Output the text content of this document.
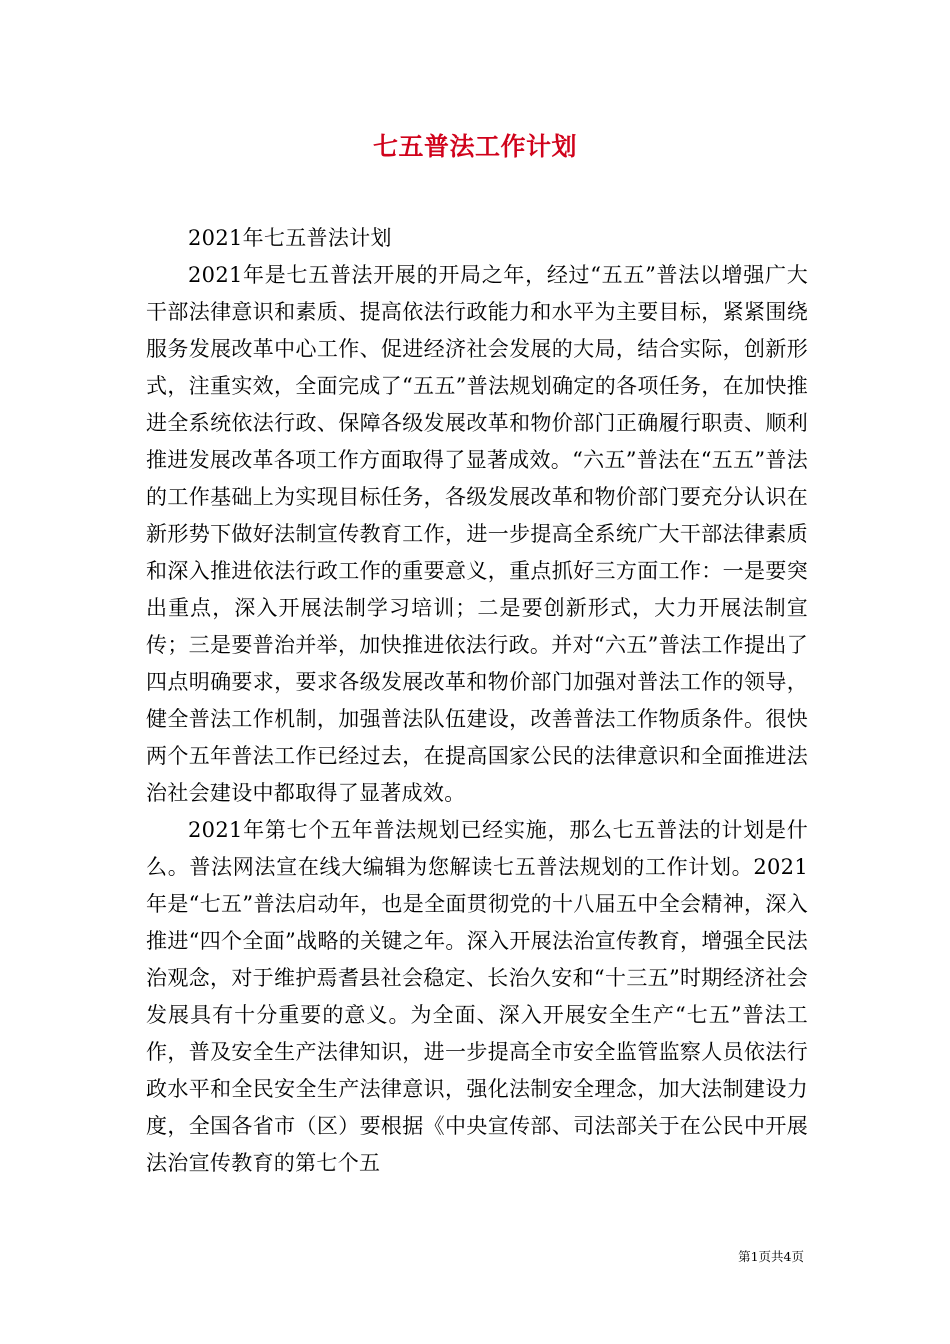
七五普法工作计划

2021年七五普法计划

2021年是七五普法开展的开局之年，经过“五五”普法以增强广大干部法律意识和素质、提高依法行政能力和水平为主要目标，紧紧围绕服务发展改革中心工作、促进经济社会发展的大局，结合实际，创新形式，注重实效，全面完成了“五五”普法规划确定的各项任务，在加快推进全系统依法行政、保障各级发展改革和物价部门正确履行职责、顺利推进发展改革各项工作方面取得了显著成效。“六五”普法在“五五”普法的工作基础上为实现目标任务，各级发展改革和物价部门要充分认识在新形势下做好法制宣传教育工作，进一步提高全系统广大干部法律素质和深入推进依法行政工作的重要意义，重点抓好三方面工作：一是要突出重点，深入开展法制学习培训；二是要创新形式，大力开展法制宣传；三是要普治并举，加快推进依法行政。并对“六五”普法工作提出了四点明确要求，要求各级发展改革和物价部门加强对普法工作的领导，健全普法工作机制，加强普法队伍建设，改善普法工作物质条件。很快两个五年普法工作已经过去，在提高国家公民的法律意识和全面推进法治社会建设中都取得了显著成效。

2021年第七个五年普法规划已经实施，那么七五普法的计划是什么。普法网法宣在线大编辑为您解读七五普法规划的工作计划。2021年是“七五”普法启动年，也是全面贯彻党的十八届五中全会精神，深入推进“四个全面”战略的关键之年。深入开展法治宣传教育，增强全民法治观念，对于维护焉耆县社会稳定、长治久安和“十三五”时期经济社会发展具有十分重要的意义。为全面、深入开展安全生产“七五”普法工作，普及安全生产法律知识，进一步提高全市安全监管监察人员依法行政水平和全民安全生产法律意识，强化法制安全理念，加大法制建设力度，全国各省市（区）要根据《中央宣传部、司法部关于在公民中开展法治宣传教育的第七个五

第1页共4页
